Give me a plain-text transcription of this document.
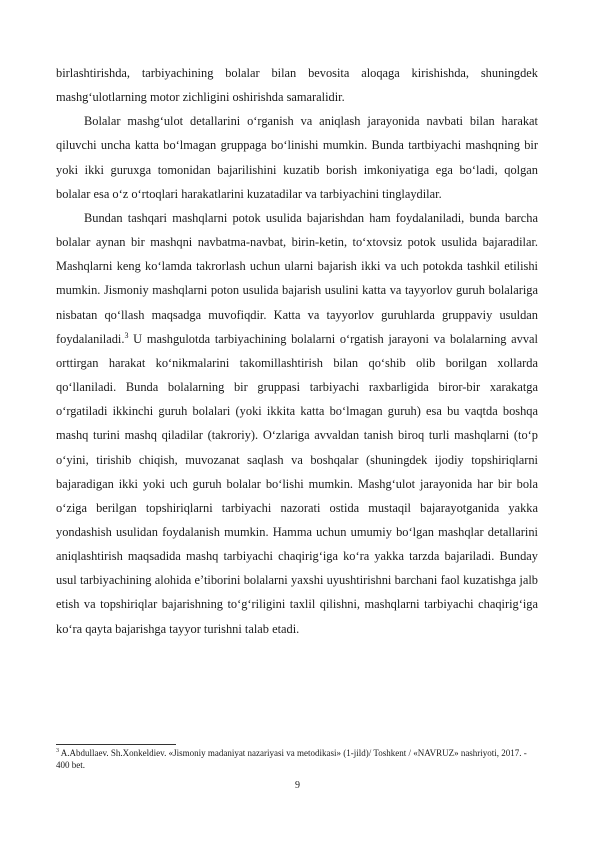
birlashtirishda, tarbiyachining bolalar bilan bevosita aloqaga kirishishda, shuningdek mashg‘ulotlarning motor zichligini oshirishda samaralidir.

Bolalar mashg‘ulot detallarini o‘rganish va aniqlash jarayonida navbati bilan harakat qiluvchi uncha katta bo‘lmagan gruppaga bo‘linishi mumkin. Bunda tartbiyachi mashqning bir yoki ikki guruxga tomonidan bajarilishini kuzatib borish imkoniyatiga ega bo‘ladi, qolgan bolalar esa o‘z o‘rtoqlari harakatlarini kuzatadilar va tarbiyachini tinglaydilar.

Bundan tashqari mashqlarni potok usulida bajarishdan ham foydalaniladi, bunda barcha bolalar aynan bir mashqni navbatma-navbat, birin-ketin, to‘xtovsiz potok usulida bajaradilar. Mashqlarni keng ko‘lamda takrorlash uchun ularni bajarish ikki va uch potokda tashkil etilishi mumkin. Jismoniy mashqlarni poton usulida bajarish usulini katta va tayyorlov guruh bolalariga nisbatan qo‘llash maqsadga muvofiqdir. Katta va tayyorlov guruhlarda gruppaviy usuldan foydalaniladi.$^3$ U mashgulotda tarbiyachining bolalarni o‘rgatish jarayoni va bolalarning avval orttirgan harakat ko‘nikmalarini takomillashtirish bilan qo‘shib olib borilgan xollarda qo‘llaniladi. Bunda bolalarning bir gruppasi tarbiyachi raxbarligida biror-bir xarakatga o‘rgatiladi ikkinchi guruh bolalari (yoki ikkita katta bo‘lmagan guruh) esa bu vaqtda boshqa mashq turini mashq qiladilar (takroriy). O‘zlariga avvaldan tanish biroq turli mashqlarni (to‘p o‘yini, tirishib chiqish, muvozanat saqlash va boshqalar (shuningdek ijodiy topshiriqlarni bajaradigan ikki yoki uch guruh bolalar bo‘lishi mumkin. Mashg‘ulot jarayonida har bir bola o‘ziga berilgan topshiriqlarni tarbiyachi nazorati ostida mustaqil bajarayotganida yakka yondashish usulidan foydalanish mumkin. Hamma uchun umumiy bo‘lgan mashqlar detallarini aniqlashtirish maqsadida mashq tarbiyachi chaqirig‘iga ko‘ra yakka tarzda bajariladi. Bunday usul tarbiyachining alohida e’tiborini bolalarni yaxshi uyushtirishni barchani faol kuzatishga jalb etish va topshiriqlar bajarishning to‘g‘riligini taxlil qilishni, mashqlarni tarbiyachi chaqirig‘iga ko‘ra qayta bajarishga tayyor turishni talab etadi.

$^3$ A.Abdullaev. Sh.Xonkeldiev. «Jismoniy madaniyat nazariyasi va metodikasi» (1-jild)/ Toshkent / «NAVRUZ» nashriyoti, 2017. - 400 bet.
9
